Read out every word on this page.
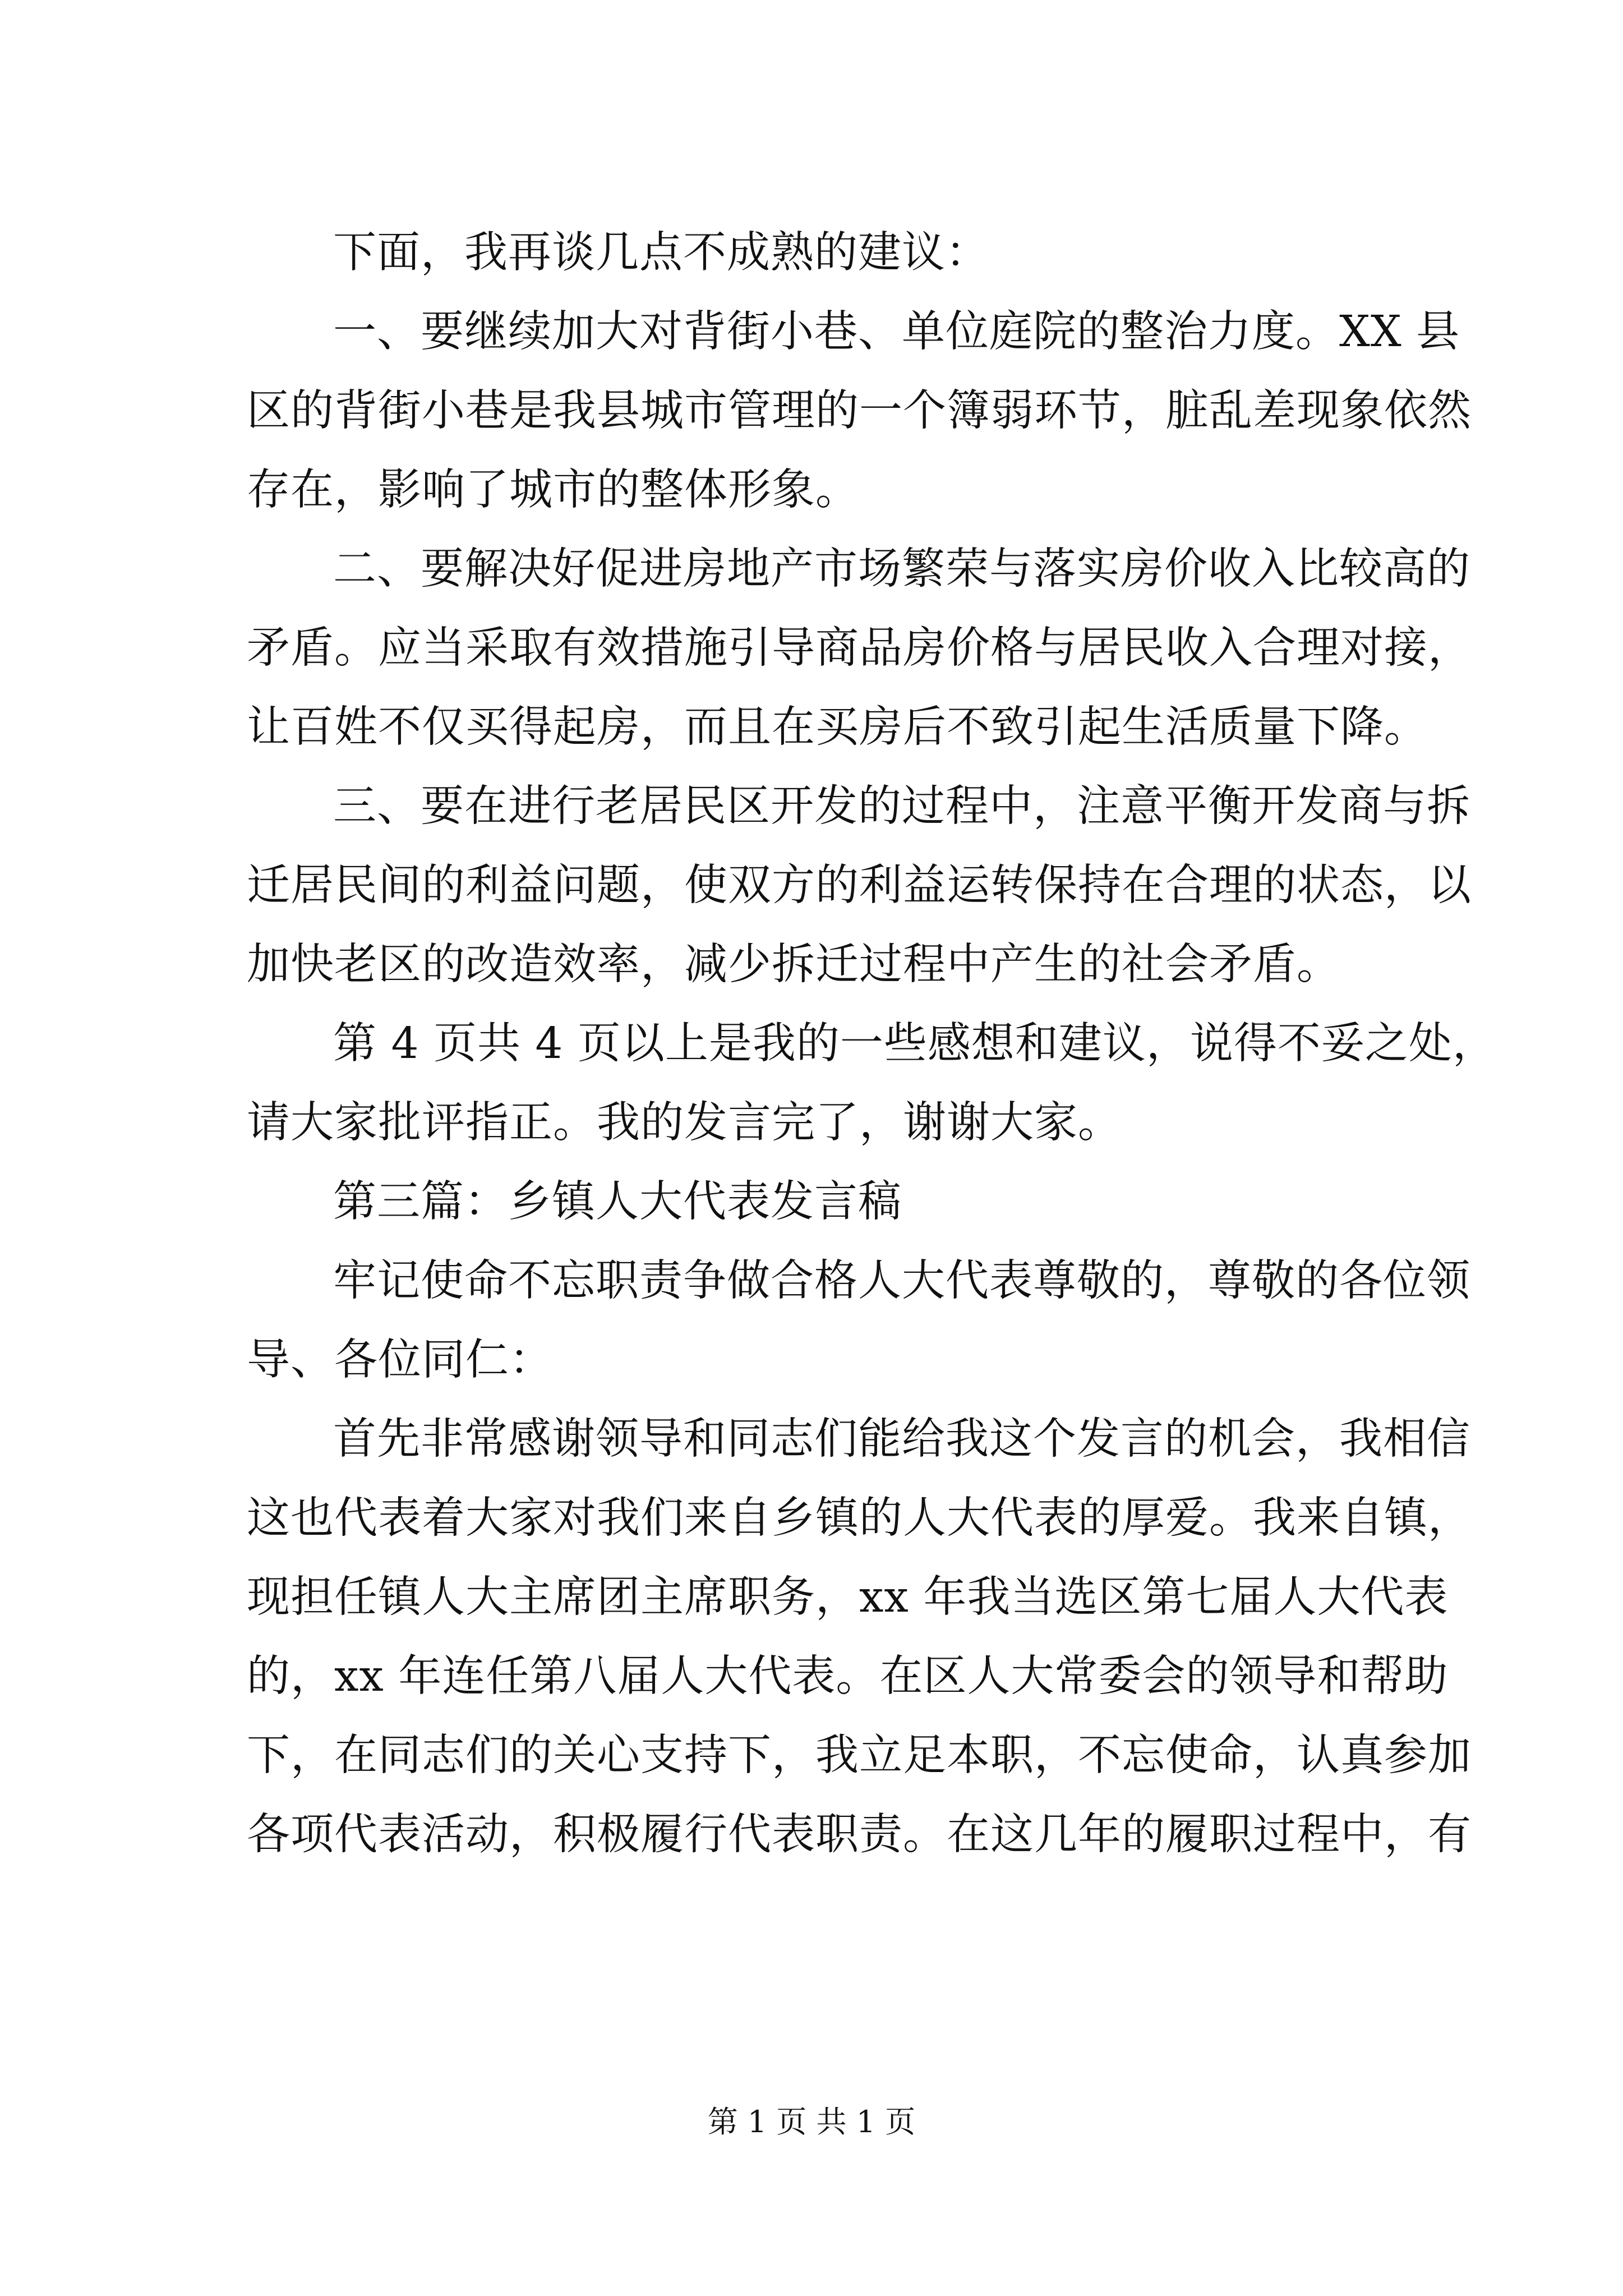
下面，我再谈几点不成熟的建议：
一、要继续加大对背街小巷、单位庭院的整治力度。XX 县
区的背街小巷是我县城市管理的一个簿弱环节，脏乱差现象依然
存在，影响了城市的整体形象。
二、要解决好促进房地产市场繁荣与落实房价收入比较高的
矛盾。应当采取有效措施引导商品房价格与居民收入合理对接，
让百姓不仅买得起房，而且在买房后不致引起生活质量下降。
三、要在进行老居民区开发的过程中，注意平衡开发商与拆
迁居民间的利益问题，使双方的利益运转保持在合理的状态，以
加快老区的改造效率，减少拆迁过程中产生的社会矛盾。
第 4 页共 4 页以上是我的一些感想和建议，说得不妥之处，
请大家批评指正。我的发言完了，谢谢大家。
第三篇：乡镇人大代表发言稿
牢记使命不忘职责争做合格人大代表尊敬的，尊敬的各位领
导、各位同仁：
首先非常感谢领导和同志们能给我这个发言的机会，我相信
这也代表着大家对我们来自乡镇的人大代表的厚爱。我来自镇，
现担任镇人大主席团主席职务，xx 年我当选区第七届人大代表
的，xx 年连任第八届人大代表。在区人大常委会的领导和帮助
下，在同志们的关心支持下，我立足本职，不忘使命，认真参加
各项代表活动，积极履行代表职责。在这几年的履职过程中，有
第 1 页 共 1 页
